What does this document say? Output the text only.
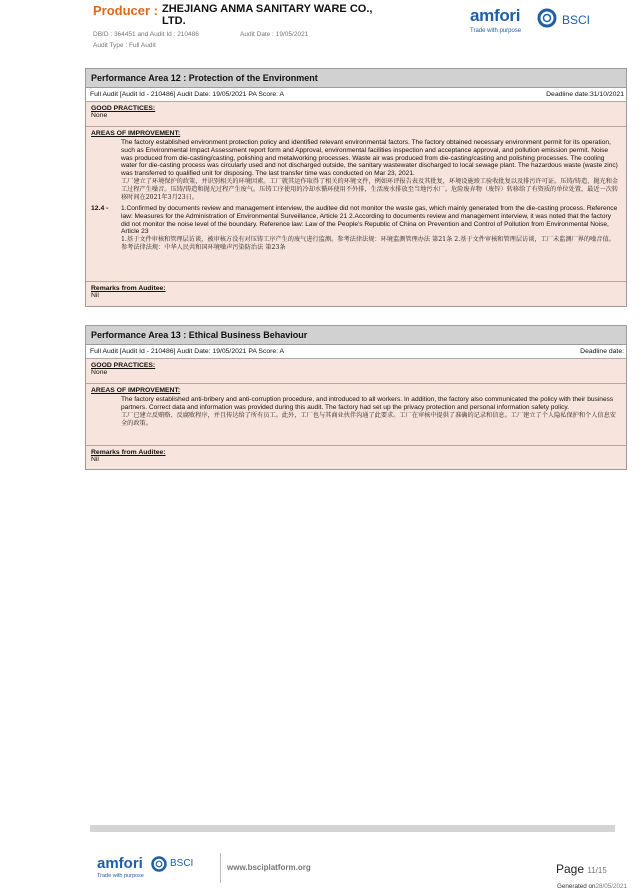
Producer : ZHEJIANG ANMA SANITARY WARE CO., LTD.
DBID : 364451 and Audit Id : 210486	Audit Date : 19/05/2021
Audit Type : Full Audit
amfori	BSCI
Trade with purpose
Performance Area 12 : Protection of the Environment
Full Audit [Audit Id - 210486] Audit Date: 19/05/2021 PA Score: A	Deadline date:31/10/2021
GOOD PRACTICES:
None
AREAS OF IMPROVEMENT:
The factory established environment protection policy and identified relevant environmental factors. The factory obtained necessary environment permit for its operation, such as Environmental Impact Assessment report form and Approval, environmental facilities inspection and acceptance approval, and pollution emission permit. Noise was produced from die-casting/casting, polishing and metalworking processes. Waste air was produced from die-casting/casting and polishing processes. The cooling water for die-casting process was circularly used and not discharged outside, the sanitary wastewater discharged to local sewage plant. The hazardous waste (waste zinc) was transferred to qualified unit for disposing. The last transfer time was conducted on Mar 23, 2021.
工厂建立了环境保护的政策，并识别相关的环境因素。工厂就其运作取得了相关的环境文件，例如环评报告表及其批复，环境设施竣工验收批复以及排污许可证。压铸/铸造、抛光和金工过程产生噪音。压铸/铸造和抛光过程产生废气。压铸工序使用的冷却水循环使用不外排，生活废水排放至当地污水厂。危险废弃物（废锌）转移给了有资质的单位处置，最近一次转移时间在2021年3月23日。
12.4 -	1.Confirmed by documents review and management interview, the auditee did not monitor the waste gas, which mainly generated from the die-casting process. Reference law: Measures for the Administration of Environmental Surveillance, Article 21 2.According to documents review and management interview, it was noted that the factory did not monitor the noise level of the boundary. Reference law: Law of the People's Republic of China on Prevention and Control of Pollution from Environmental Noise, Article 23
1.基于文件审核和管理层访谈，被审核方没有对压铸工序产生的废气进行监测。参考法律法规：环境监测管理办法 第21条 2.基于文件审核和管理层访谈，工厂未监测厂界的噪音值。参考法律法规：中华人民共和国环境噪声污染防治法 第23条
Remarks from Auditee:
Nil
Performance Area 13 : Ethical Business Behaviour
Full Audit [Audit Id - 210486] Audit Date: 19/05/2021 PA Score: A	Deadline date:
GOOD PRACTICES:
None
AREAS OF IMPROVEMENT:
The factory established anti-bribery and anti-corruption procedure, and introduced to all workers. In addition, the factory also communicated the policy with their business partners. Correct data and information was provided during this audit. The factory had set up the privacy protection and personal information safety policy.
工厂已建立反贿赂、反腐败程序，并且传达给了所有员工。此外，工厂也与其商业伙伴沟通了此要求。工厂在审核中提供了准确的记录和信息。工厂建立了个人隐私保护和个人信息安全的政策。
Remarks from Auditee:
Nil
amfori	BSCI
Trade with purpose
www.bsciplatform.org	Page 11/15
Generated on28/05/2021
